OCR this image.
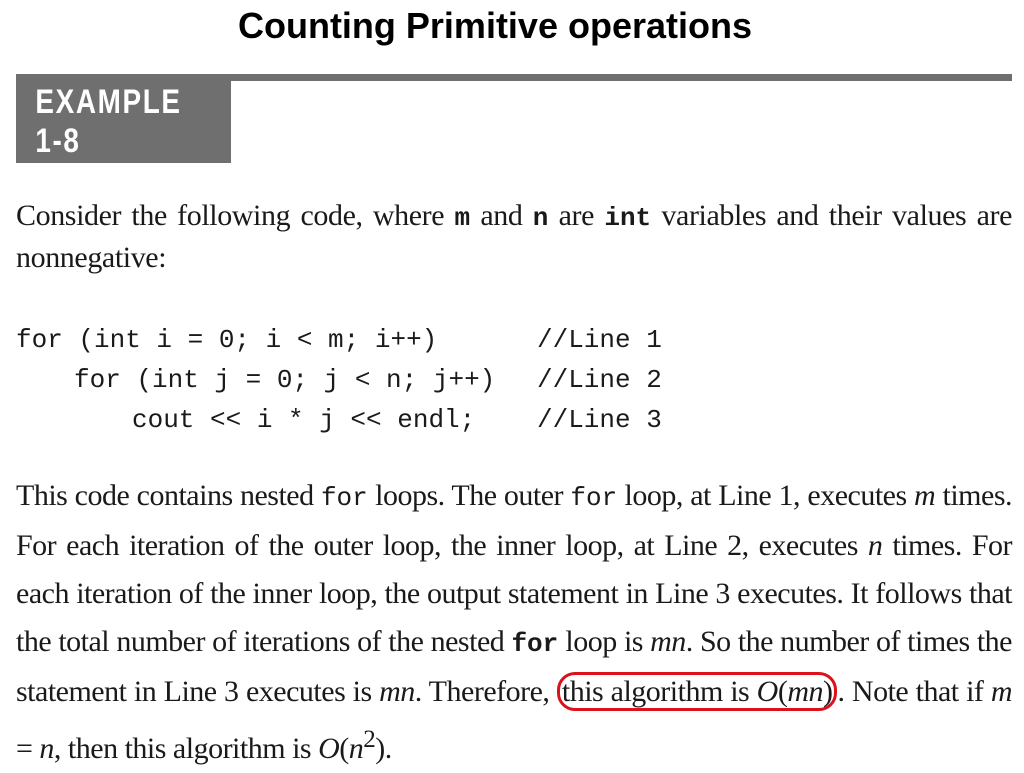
Counting Primitive operations
EXAMPLE 1-8
Consider the following code, where m and n are int variables and their values are nonnegative:

for (int i = 0; i < m; i++)

	//Line 1

for (int j = 0; j < n; j++)

//Line 2

cout << i * j << endl;

//Line 3

This code contains nested for loops. The outer for loop, at Line 1, executes m times. For each iteration of the outer loop, the inner loop, at Line 2, executes n times. For each iteration of the inner loop, the output statement in Line 3 executes. It follows that the total number of iterations of the nested for loop is mn. So the number of times the statement in Line 3 executes is mn. Therefore, this algorithm is O(mn) . Note that if m = n, then this algorithm is $O(n^2)$.
